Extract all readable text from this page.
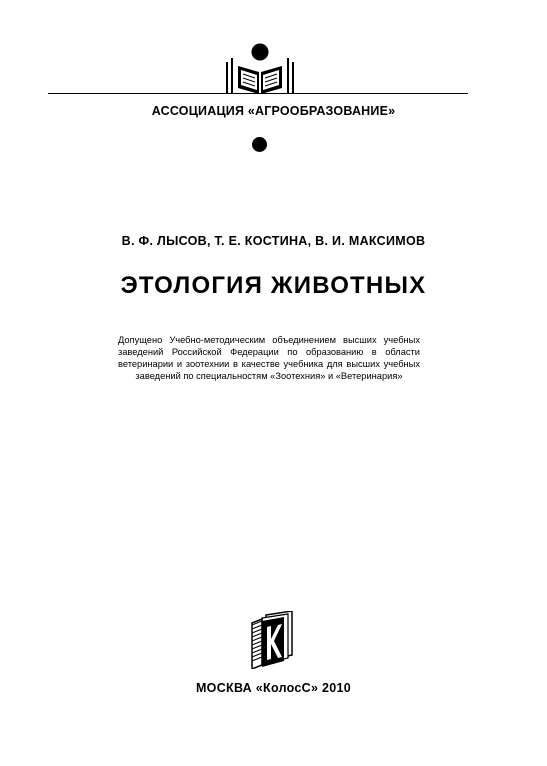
АССОЦИАЦИЯ «АГРООБРАЗОВАНИЕ»
В. Ф. ЛЫСОВ, Т. Е. КОСТИНА, В. И. МАКСИМОВ
ЭТОЛОГИЯ ЖИВОТНЫХ
Допущено Учебно-методическим объединением высших учебных заведений Российской Федерации по образованию в области ветеринарии и зоотехнии в качестве учебника для высших учебных заведений по специальностям «Зоотехния» и «Ветеринария»
МОСКВА «КолосС» 2010
